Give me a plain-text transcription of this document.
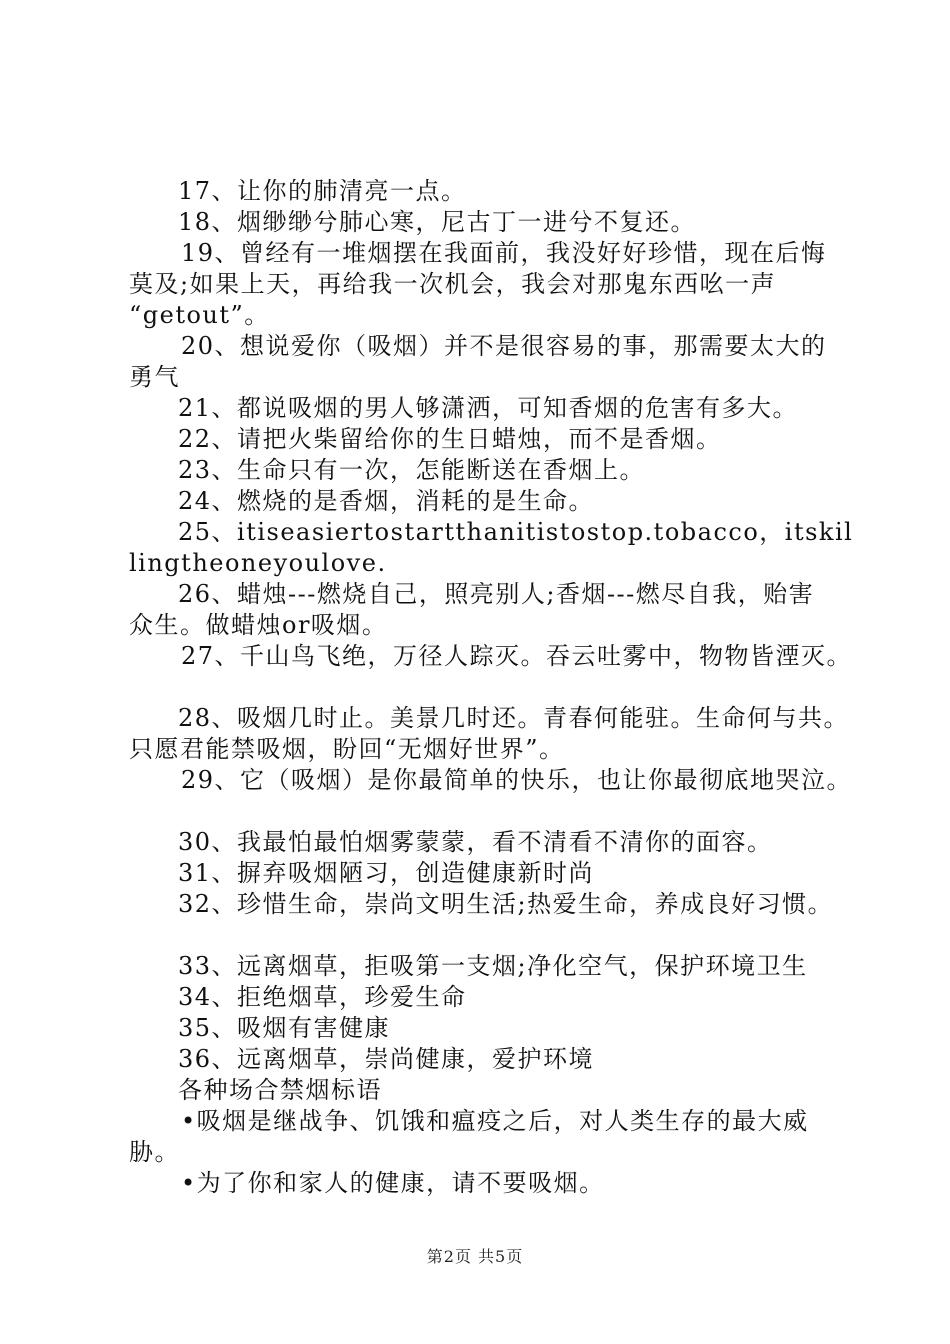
17、让你的肺清亮一点。
18、烟缈缈兮肺心寒，尼古丁一进兮不复还。
19、曾经有一堆烟摆在我面前，我没好好珍惜，现在后悔
莫及;如果上天，再给我一次机会，我会对那鬼东西吆一声
“getout”。
20、想说爱你（吸烟）并不是很容易的事，那需要太大的
勇气
21、都说吸烟的男人够潇洒，可知香烟的危害有多大。
22、请把火柴留给你的生日蜡烛，而不是香烟。
23、生命只有一次，怎能断送在香烟上。
24、燃烧的是香烟，消耗的是生命。
25、itiseasiertostartthanitistostop.tobacco，itskil
lingtheoneyoulove.
26、蜡烛---燃烧自己，照亮别人;香烟---燃尽自我，贻害
众生。做蜡烛or吸烟。
27、千山鸟飞绝，万径人踪灭。吞云吐雾中，物物皆湮灭。
28、吸烟几时止。美景几时还。青春何能驻。生命何与共。
只愿君能禁吸烟，盼回“无烟好世界”。
29、它（吸烟）是你最简单的快乐，也让你最彻底地哭泣。
30、我最怕最怕烟雾蒙蒙，看不清看不清你的面容。
31、摒弃吸烟陋习，创造健康新时尚
32、珍惜生命，崇尚文明生活;热爱生命，养成良好习惯。
33、远离烟草，拒吸第一支烟;净化空气，保护环境卫生
34、拒绝烟草，珍爱生命
35、吸烟有害健康
36、远离烟草，崇尚健康，爱护环境
各种场合禁烟标语
•吸烟是继战争、饥饿和瘟疫之后，对人类生存的最大威
胁。
•为了你和家人的健康，请不要吸烟。
第2页 共5页
